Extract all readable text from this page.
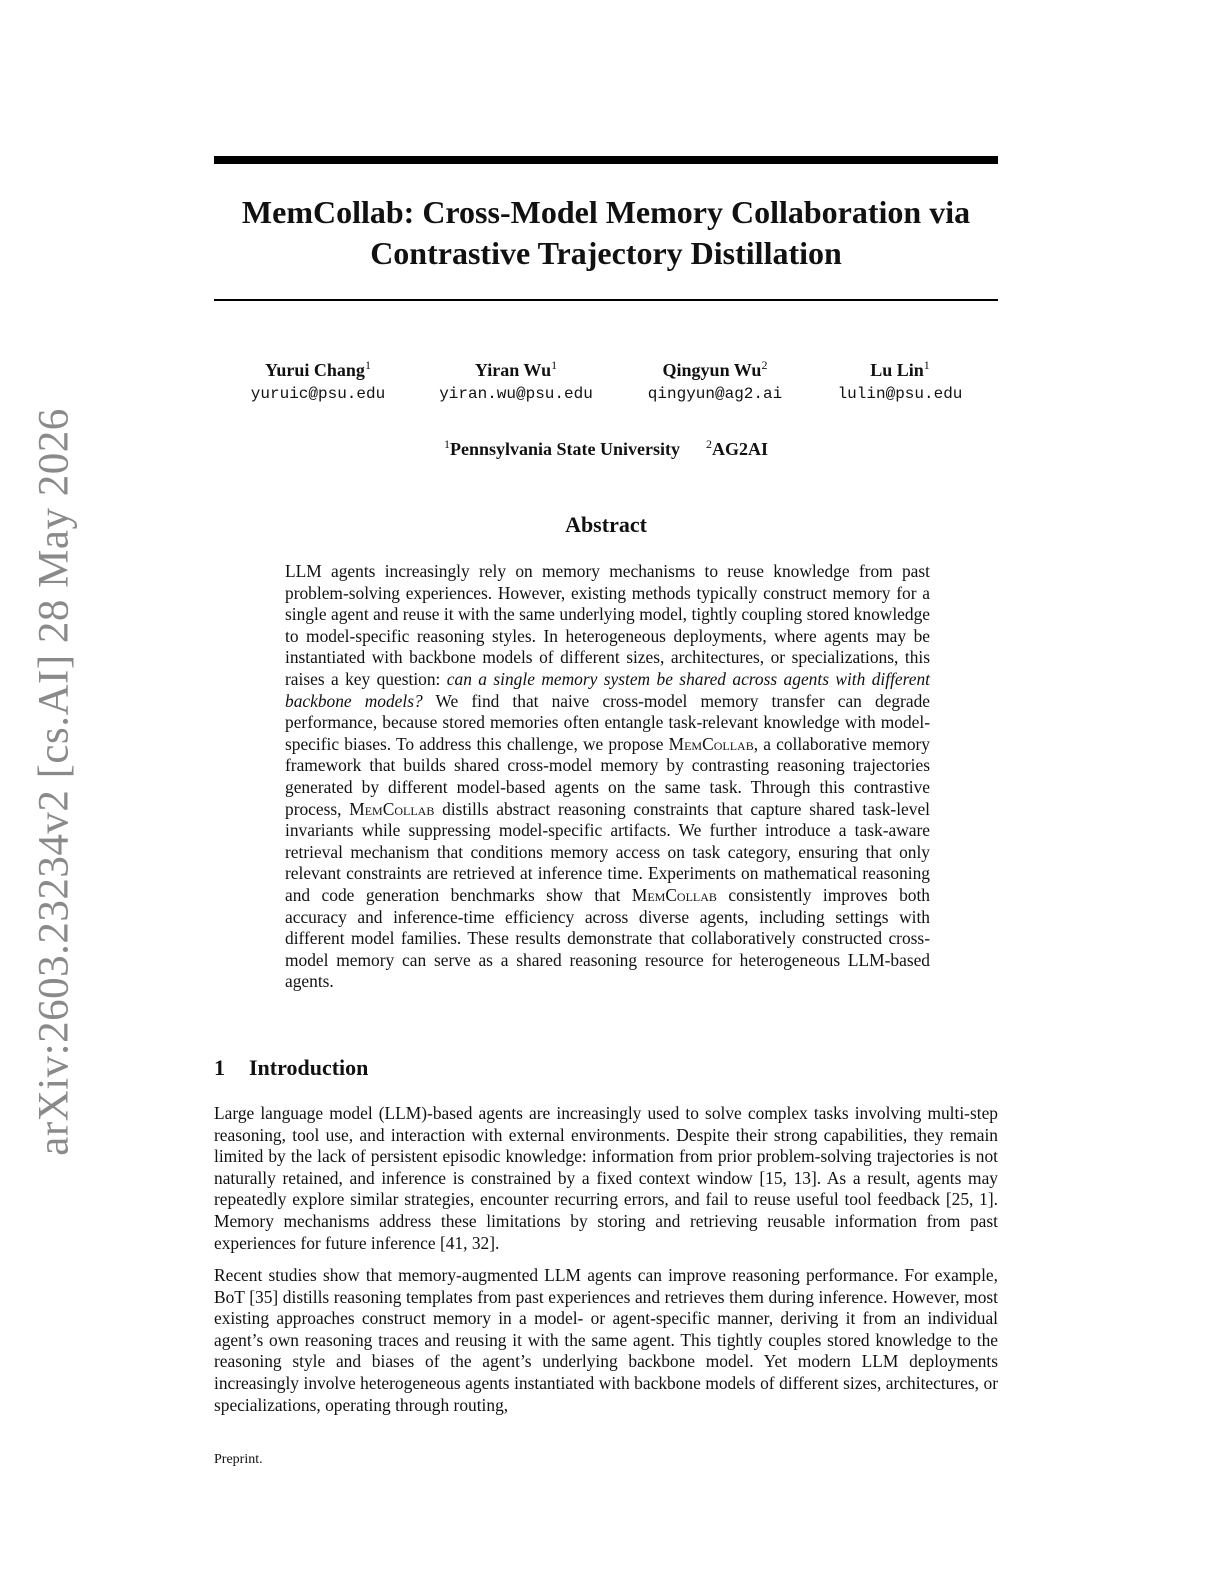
arXiv:2603.23234v2 [cs.AI] 28 May 2026
MemCollab: Cross-Model Memory Collaboration via Contrastive Trajectory Distillation
Yurui Chang$^1$
yuruic@psu.edu
Yiran Wu$^1$
yiran.wu@psu.edu
Qingyun Wu$^2$
qingyun@ag2.ai
Lu Lin$^1$
lulin@psu.edu
$^1$Pennsylvania State University $^2$AG2AI
Abstract

LLM agents increasingly rely on memory mechanisms to reuse knowledge from past problem-solving experiences. However, existing methods typically construct memory for a single agent and reuse it with the same underlying model, tightly coupling stored knowledge to model-specific reasoning styles. In heterogeneous deployments, where agents may be instantiated with backbone models of different sizes, architectures, or specializations, this raises a key question: can a single memory system be shared across agents with different backbone models? We find that naive cross-model memory transfer can degrade performance, because stored memories often entangle task-relevant knowledge with model-specific biases. To address this challenge, we propose MemCollab, a collaborative memory framework that builds shared cross-model memory by contrasting reasoning trajectories generated by different model-based agents on the same task. Through this contrastive process, MemCollab distills abstract reasoning constraints that capture shared task-level invariants while suppressing model-specific artifacts. We further introduce a task-aware retrieval mechanism that conditions memory access on task category, ensuring that only relevant constraints are retrieved at inference time. Experiments on mathematical reasoning and code generation benchmarks show that MemCollab consistently improves both accuracy and inference-time efficiency across diverse agents, including settings with different model families. These results demonstrate that collaboratively constructed cross-model memory can serve as a shared reasoning resource for heterogeneous LLM-based agents.

1 Introduction

Large language model (LLM)-based agents are increasingly used to solve complex tasks involving multi-step reasoning, tool use, and interaction with external environments. Despite their strong capabilities, they remain limited by the lack of persistent episodic knowledge: information from prior problem-solving trajectories is not naturally retained, and inference is constrained by a fixed context window [15, 13]. As a result, agents may repeatedly explore similar strategies, encounter recurring errors, and fail to reuse useful tool feedback [25, 1]. Memory mechanisms address these limitations by storing and retrieving reusable information from past experiences for future inference [41, 32].

Recent studies show that memory-augmented LLM agents can improve reasoning performance. For example, BoT [35] distills reasoning templates from past experiences and retrieves them during inference. However, most existing approaches construct memory in a model- or agent-specific manner, deriving it from an individual agent’s own reasoning traces and reusing it with the same agent. This tightly couples stored knowledge to the reasoning style and biases of the agent’s underlying backbone model. Yet modern LLM deployments increasingly involve heterogeneous agents instantiated with backbone models of different sizes, architectures, or specializations, operating through routing,

Preprint.
